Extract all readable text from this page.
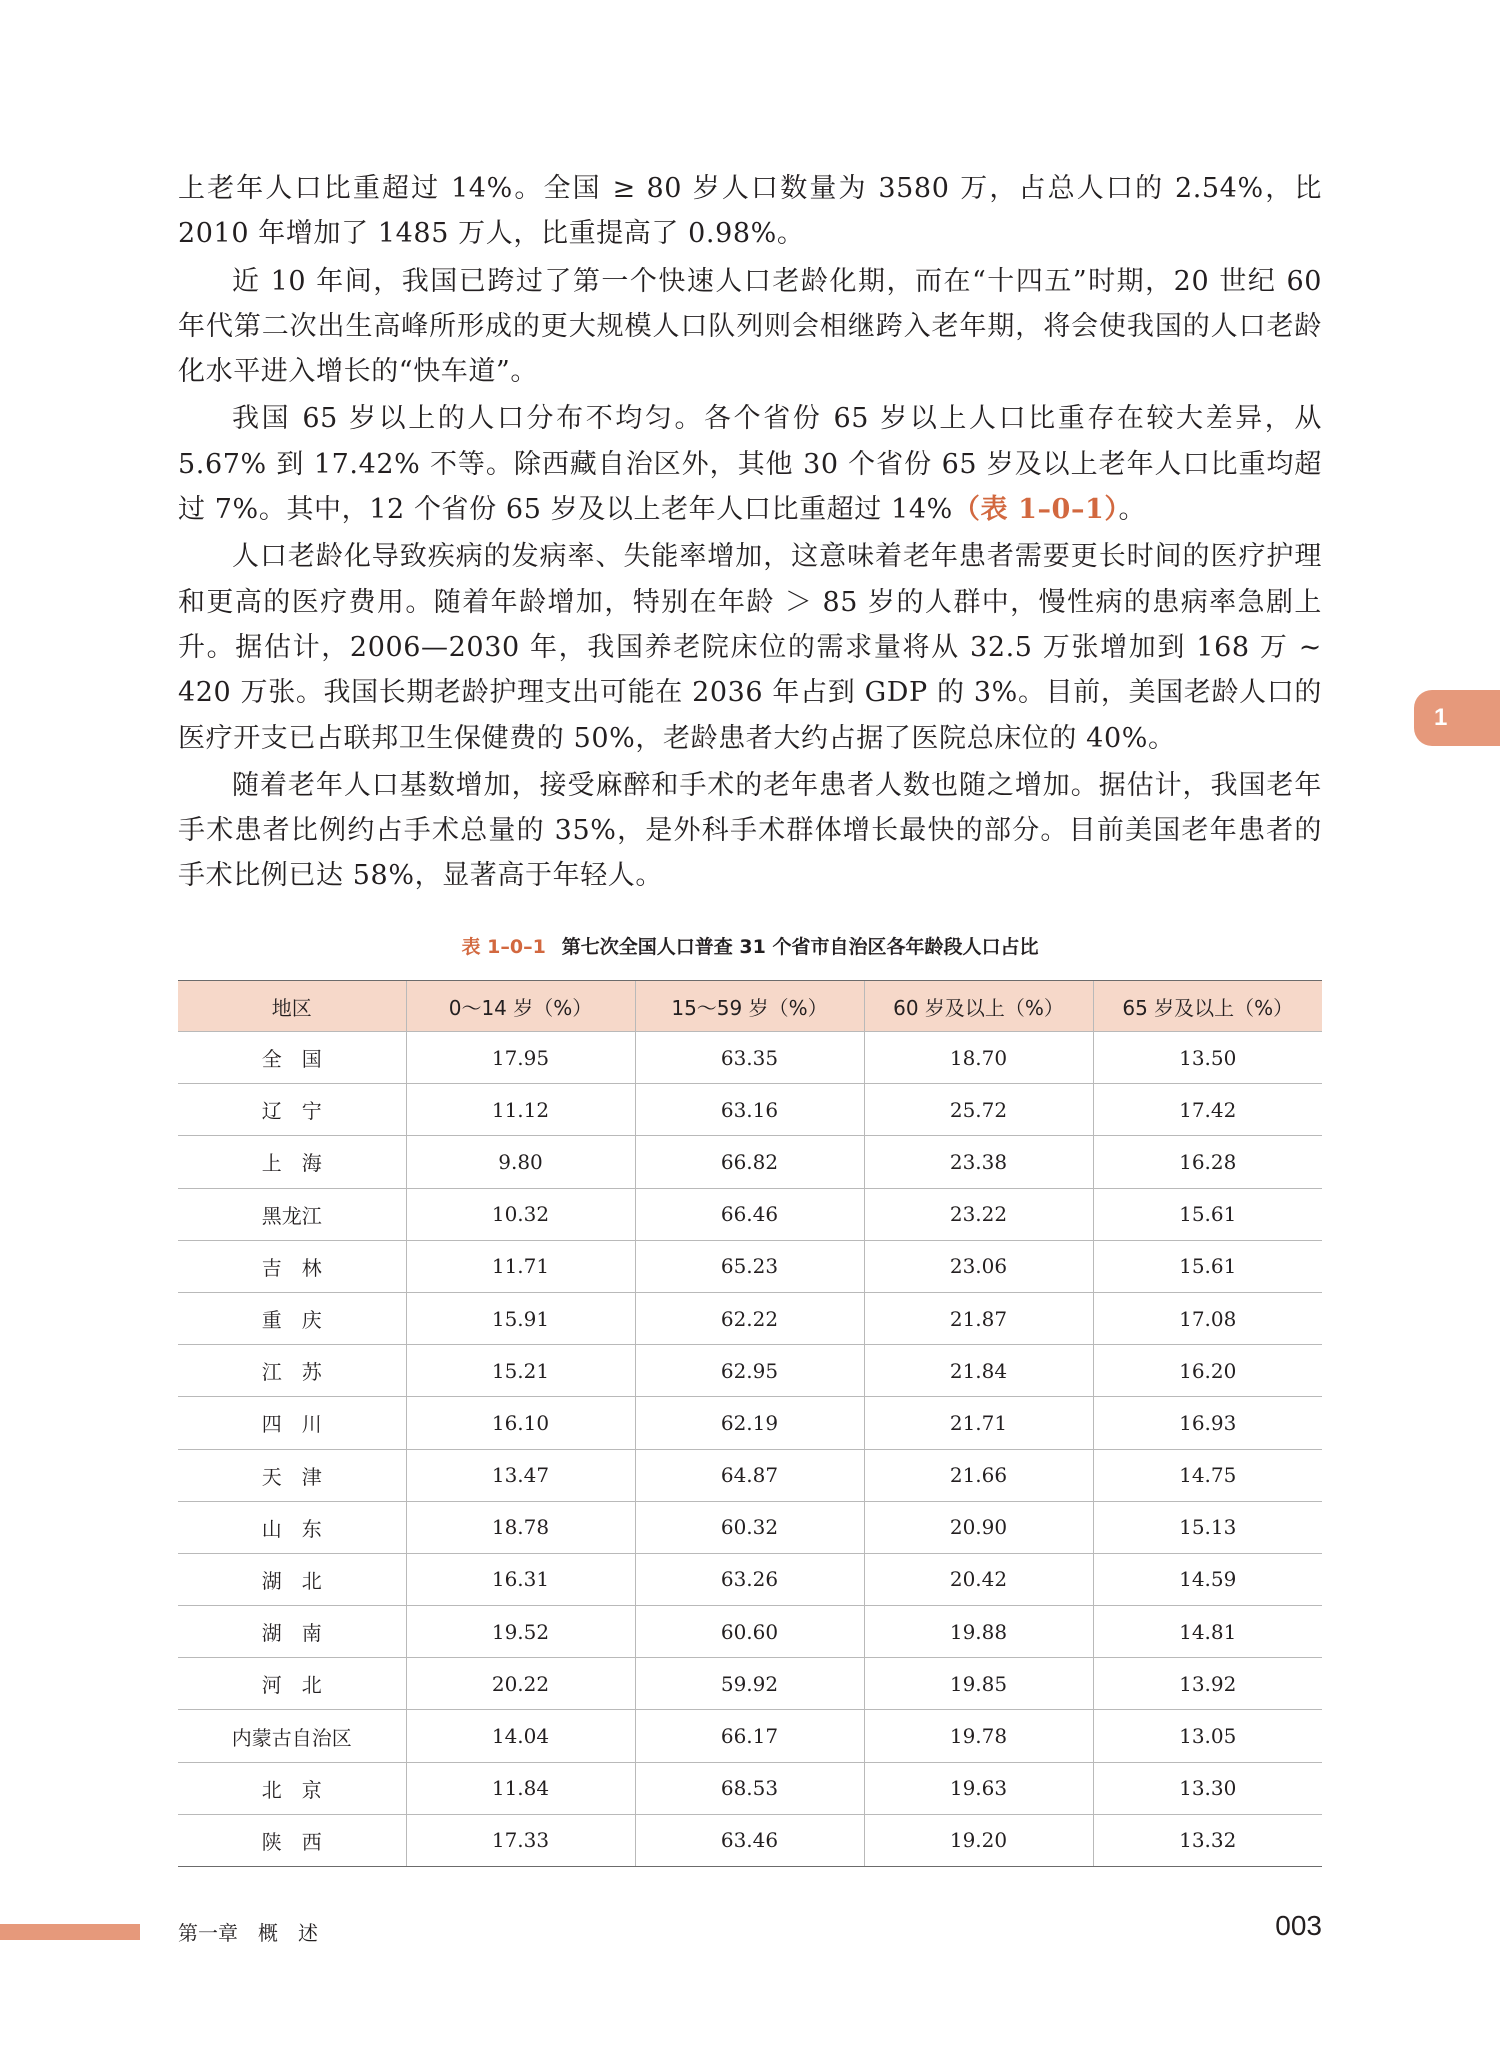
上老年人口比重超过 14%。全国 ≥ 80 岁人口数量为 3580 万，占总人口的 2.54%，比 2010 年增加了 1485 万人，比重提高了 0.98%。

近 10 年间，我国已跨过了第一个快速人口老龄化期，而在“十四五”时期，20 世纪 60 年代第二次出生高峰所形成的更大规模人口队列则会相继跨入老年期，将会使我国的人口老龄化水平进入增长的“快车道”。

我国 65 岁以上的人口分布不均匀。各个省份 65 岁以上人口比重存在较大差异，从 5.67% 到 17.42% 不等。除西藏自治区外，其他 30 个省份 65 岁及以上老年人口比重均超过 7%。其中，12 个省份 65 岁及以上老年人口比重超过 14%（表 1–0–1）。

人口老龄化导致疾病的发病率、失能率增加，这意味着老年患者需要更长时间的医疗护理和更高的医疗费用。随着年龄增加，特别在年龄 ＞ 85 岁的人群中，慢性病的患病率急剧上升。据估计，2006—2030 年，我国养老院床位的需求量将从 32.5 万张增加到 168 万 ~ 420 万张。我国长期老龄护理支出可能在 2036 年占到 GDP 的 3%。目前，美国老龄人口的医疗开支已占联邦卫生保健费的 50%，老龄患者大约占据了医院总床位的 40%。

随着老年人口基数增加，接受麻醉和手术的老年患者人数也随之增加。据估计，我国老年手术患者比例约占手术总量的 35%，是外科手术群体增长最快的部分。目前美国老年患者的手术比例已达 58%，显著高于年轻人。

1
表 1–0–1 第七次全国人口普查 31 个省市自治区各年龄段人口占比
地区	0～14 岁（%）	15～59 岁（%）	60 岁及以上（%）	65 岁及以上（%）
全　国	17.95	63.35	18.70	13.50
辽　宁	11.12	63.16	25.72	17.42
上　海	9.80	66.82	23.38	16.28
黑龙江	10.32	66.46	23.22	15.61
吉　林	11.71	65.23	23.06	15.61
重　庆	15.91	62.22	21.87	17.08
江　苏	15.21	62.95	21.84	16.20
四　川	16.10	62.19	21.71	16.93
天　津	13.47	64.87	21.66	14.75
山　东	18.78	60.32	20.90	15.13
湖　北	16.31	63.26	20.42	14.59
湖　南	19.52	60.60	19.88	14.81
河　北	20.22	59.92	19.85	13.92
内蒙古自治区	14.04	66.17	19.78	13.05
北　京	11.84	68.53	19.63	13.30
陕　西	17.33	63.46	19.20	13.32
第一章　概　述	003
